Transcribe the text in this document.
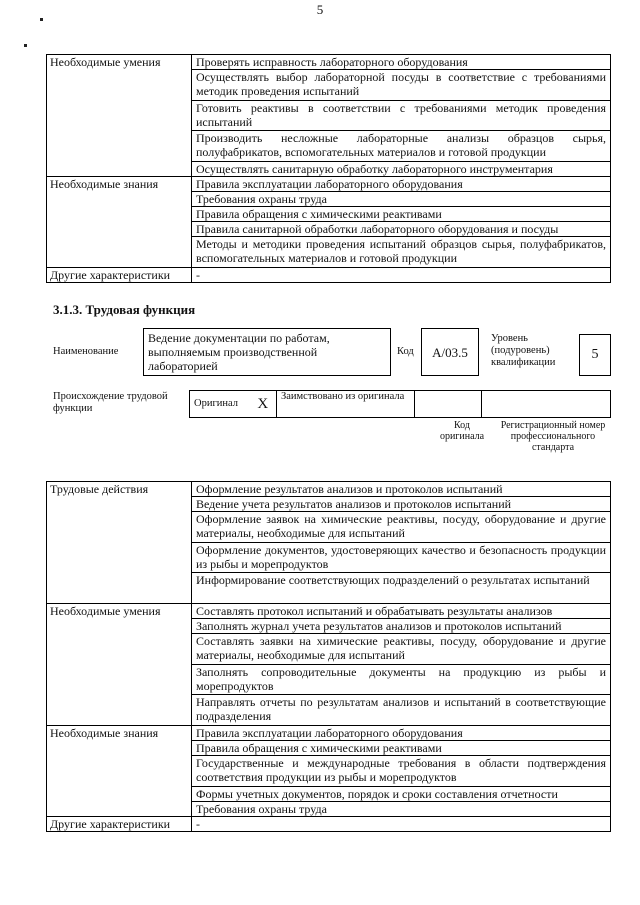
5
Необходимые умения	Проверять исправность лабораторного оборудования
	Осуществлять выбор лабораторной посуды в соответствие с требованиями методик проведения испытаний
	Готовить реактивы в соответствии с требованиями методик проведения испытаний
	Производить несложные лабораторные анализы образцов сырья, полуфабрикатов, вспомогательных материалов и готовой продукции
	Осуществлять санитарную обработку лабораторного инструментария
Необходимые знания	Правила эксплуатации лабораторного оборудования
	Требования охраны труда
	Правила обращения с химическими реактивами
	Правила санитарной обработки лабораторного оборудования и посуды
	Методы и методики проведения испытаний образцов сырья, полуфабрикатов, вспомогательных материалов и готовой продукции
Другие характеристики	-
3.1.3. Трудовая функция
Наименование
Ведение документации по работам, выполняемым производственной лабораторией
Код	А/03.5
Уровень (подуровень) квалификации
5
Происхождение трудовой функции	Оригинал	X	Заимствовано из оригинала		
Код оригинала
Регистрационный номер профессионального стандарта
Трудовые действия	Оформление результатов анализов и протоколов испытаний
	Ведение учета результатов анализов и протоколов испытаний
	Оформление заявок на химические реактивы, посуду, оборудование и другие материалы, необходимые для испытаний
	Оформление документов, удостоверяющих качество и безопасность продукции из рыбы и морепродуктов
	Информирование соответствующих подразделений о результатах испытаний
Необходимые умения	Составлять протокол испытаний и обрабатывать результаты анализов
	Заполнять журнал учета результатов анализов и протоколов испытаний
	Составлять заявки на химические реактивы, посуду, оборудование и другие материалы, необходимые для испытаний
	Заполнять сопроводительные документы на продукцию из рыбы и морепродуктов
	Направлять отчеты по результатам анализов и испытаний в соответствующие подразделения
Необходимые знания	Правила эксплуатации лабораторного оборудования
	Правила обращения с химическими реактивами
	Государственные и международные требования в области подтверждения соответствия продукции из рыбы и морепродуктов
	Формы учетных документов, порядок и сроки составления отчетности
	Требования охраны труда
Другие характеристики	-
